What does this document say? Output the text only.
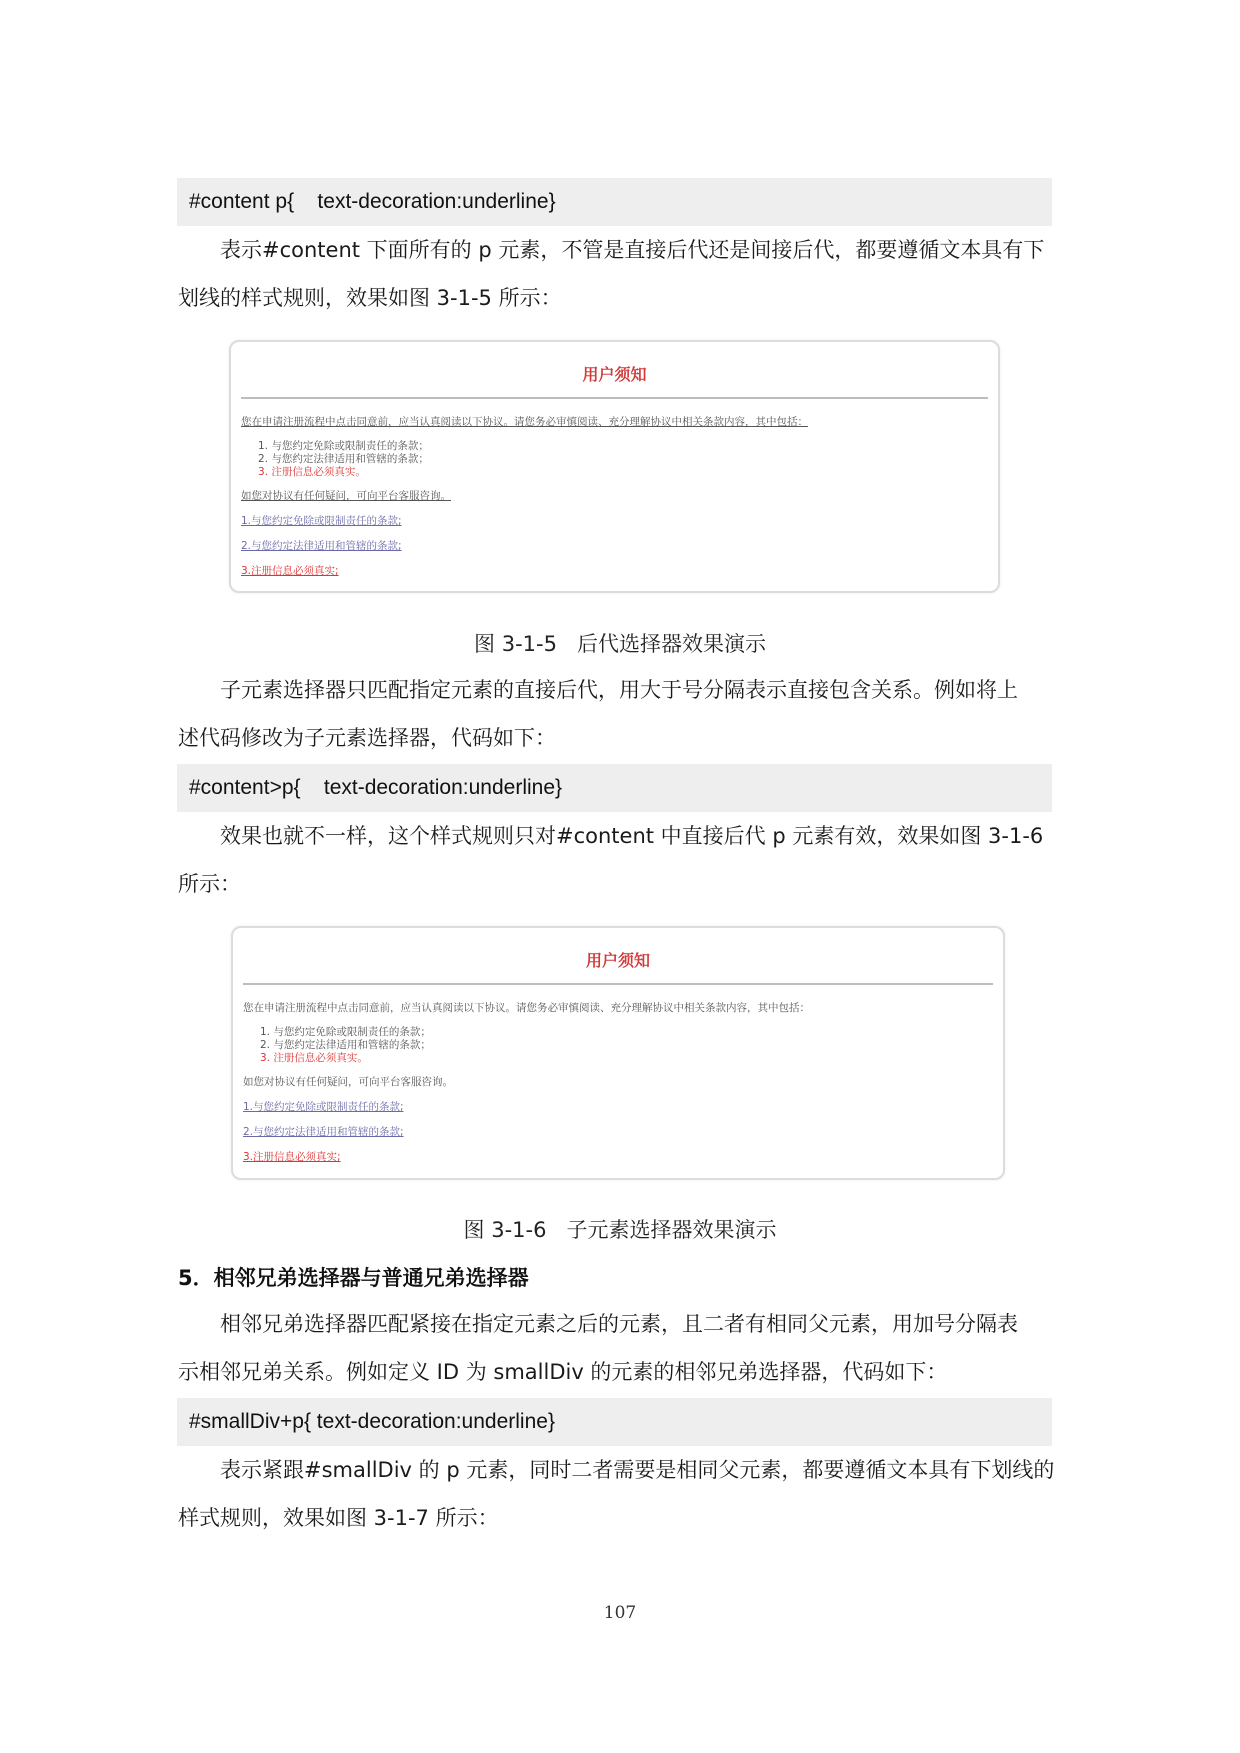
#content p{    text-decoration:underline}
表示#content 下面所有的 p 元素，不管是直接后代还是间接后代，都要遵循文本具有下
划线的样式规则，效果如图 3-1-5 所示：
用户须知
您在申请注册流程中点击同意前，应当认真阅读以下协议。请您务必审慎阅读、充分理解协议中相关条款内容，其中包括：
1. 与您约定免除或限制责任的条款；
2. 与您约定法律适用和管辖的条款；
3. 注册信息必须真实。
如您对协议有任何疑问，可向平台客服咨询。
1.与您约定免除或限制责任的条款;
2.与您约定法律适用和管辖的条款;
3.注册信息必须真实;
图 3-1-5 后代选择器效果演示
子元素选择器只匹配指定元素的直接后代，用大于号分隔表示直接包含关系。例如将上
述代码修改为子元素选择器，代码如下：
#content>p{    text-decoration:underline}
效果也就不一样，这个样式规则只对#content 中直接后代 p 元素有效，效果如图 3-1-6
所示：
用户须知
您在申请注册流程中点击同意前，应当认真阅读以下协议。请您务必审慎阅读、充分理解协议中相关条款内容，其中包括：
1. 与您约定免除或限制责任的条款；
2. 与您约定法律适用和管辖的条款；
3. 注册信息必须真实。
如您对协议有任何疑问，可向平台客服咨询。
1.与您约定免除或限制责任的条款;
2.与您约定法律适用和管辖的条款;
3.注册信息必须真实;
图 3-1-6 子元素选择器效果演示
5．相邻兄弟选择器与普通兄弟选择器
相邻兄弟选择器匹配紧接在指定元素之后的元素，且二者有相同父元素，用加号分隔表
示相邻兄弟关系。例如定义 ID 为 smallDiv 的元素的相邻兄弟选择器，代码如下：
#smallDiv+p{ text-decoration:underline}
表示紧跟#smallDiv 的 p 元素，同时二者需要是相同父元素，都要遵循文本具有下划线的
样式规则，效果如图 3-1-7 所示：
107
